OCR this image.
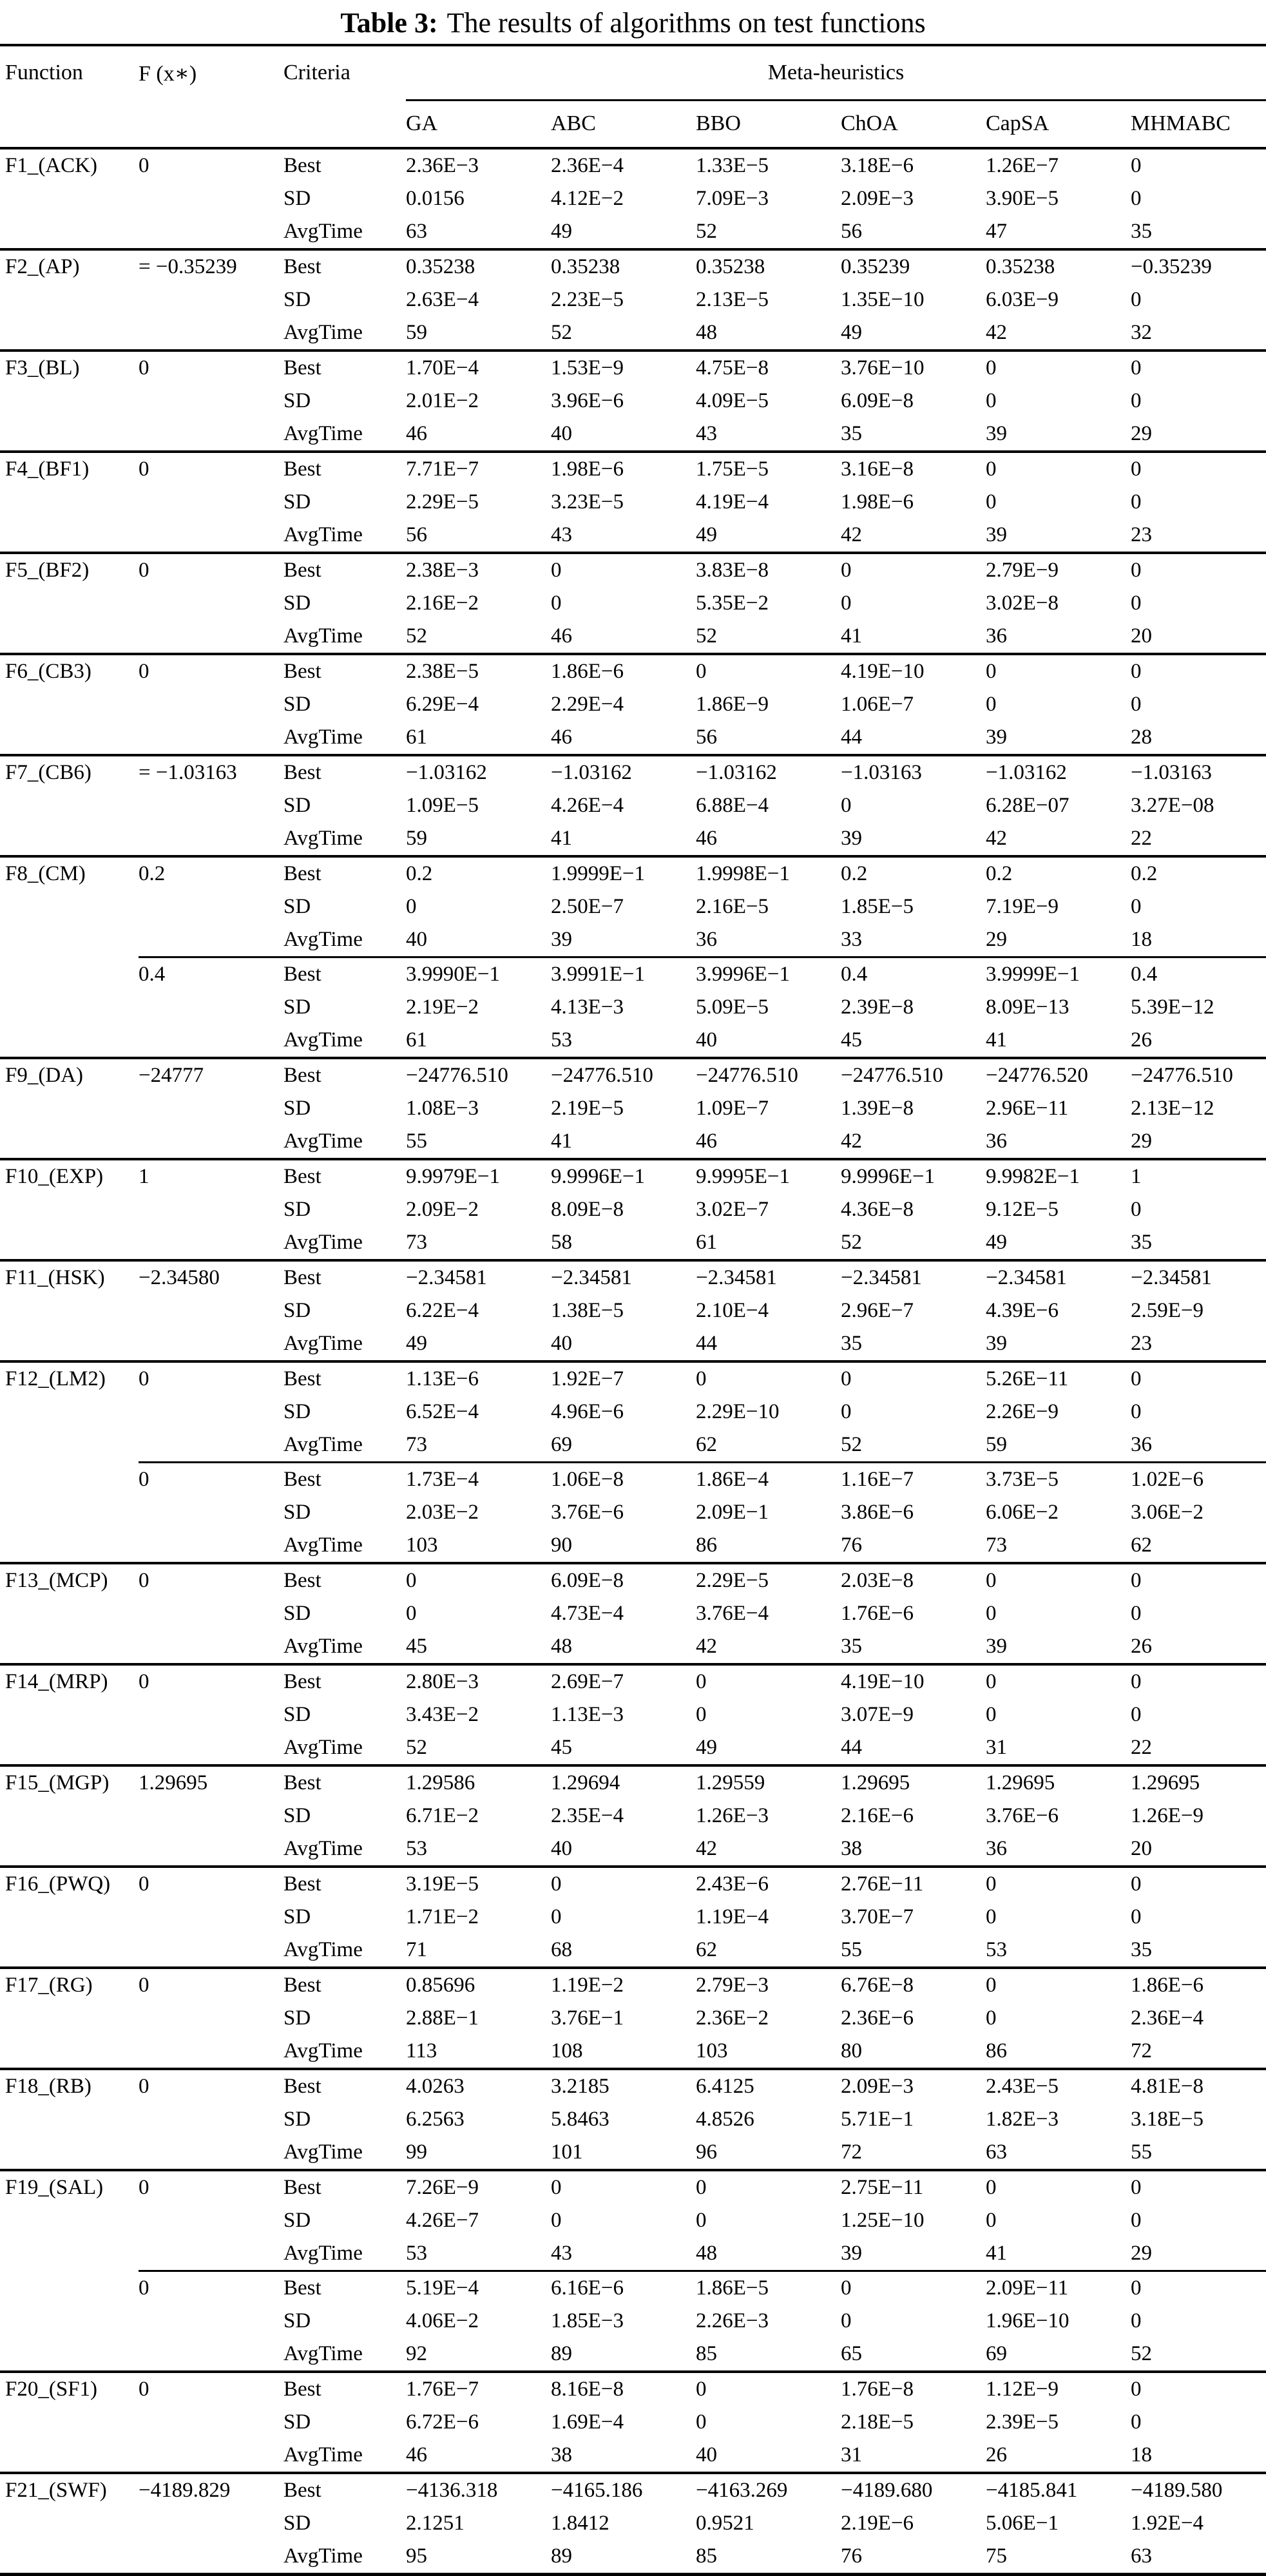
Table 3: The results of algorithms on test functions
Function	F (x∗)	Criteria	Meta-heuristics					
			GA	ABC	BBO	ChOA	CapSA	MHMABC
F1_(ACK)	0	Best	2.36E−3	2.36E−4	1.33E−5	3.18E−6	1.26E−7	0
		SD	0.0156	4.12E−2	7.09E−3	2.09E−3	3.90E−5	0
		AvgTime	63	49	52	56	47	35
F2_(AP)	= −0.35239	Best	0.35238	0.35238	0.35238	0.35239	0.35238	−0.35239
		SD	2.63E−4	2.23E−5	2.13E−5	1.35E−10	6.03E−9	0
		AvgTime	59	52	48	49	42	32
F3_(BL)	0	Best	1.70E−4	1.53E−9	4.75E−8	3.76E−10	0	0
		SD	2.01E−2	3.96E−6	4.09E−5	6.09E−8	0	0
		AvgTime	46	40	43	35	39	29
F4_(BF1)	0	Best	7.71E−7	1.98E−6	1.75E−5	3.16E−8	0	0
		SD	2.29E−5	3.23E−5	4.19E−4	1.98E−6	0	0
		AvgTime	56	43	49	42	39	23
F5_(BF2)	0	Best	2.38E−3	0	3.83E−8	0	2.79E−9	0
		SD	2.16E−2	0	5.35E−2	0	3.02E−8	0
		AvgTime	52	46	52	41	36	20
F6_(CB3)	0	Best	2.38E−5	1.86E−6	0	4.19E−10	0	0
		SD	6.29E−4	2.29E−4	1.86E−9	1.06E−7	0	0
		AvgTime	61	46	56	44	39	28
F7_(CB6)	= −1.03163	Best	−1.03162	−1.03162	−1.03162	−1.03163	−1.03162	−1.03163
		SD	1.09E−5	4.26E−4	6.88E−4	0	6.28E−07	3.27E−08
		AvgTime	59	41	46	39	42	22
F8_(CM)	0.2	Best	0.2	1.9999E−1	1.9998E−1	0.2	0.2	0.2
		SD	0	2.50E−7	2.16E−5	1.85E−5	7.19E−9	0
		AvgTime	40	39	36	33	29	18
	0.4	Best	3.9990E−1	3.9991E−1	3.9996E−1	0.4	3.9999E−1	0.4
		SD	2.19E−2	4.13E−3	5.09E−5	2.39E−8	8.09E−13	5.39E−12
		AvgTime	61	53	40	45	41	26
F9_(DA)	−24777	Best	−24776.510	−24776.510	−24776.510	−24776.510	−24776.520	−24776.510
		SD	1.08E−3	2.19E−5	1.09E−7	1.39E−8	2.96E−11	2.13E−12
		AvgTime	55	41	46	42	36	29
F10_(EXP)	1	Best	9.9979E−1	9.9996E−1	9.9995E−1	9.9996E−1	9.9982E−1	1
		SD	2.09E−2	8.09E−8	3.02E−7	4.36E−8	9.12E−5	0
		AvgTime	73	58	61	52	49	35
F11_(HSK)	−2.34580	Best	−2.34581	−2.34581	−2.34581	−2.34581	−2.34581	−2.34581
		SD	6.22E−4	1.38E−5	2.10E−4	2.96E−7	4.39E−6	2.59E−9
		AvgTime	49	40	44	35	39	23
F12_(LM2)	0	Best	1.13E−6	1.92E−7	0	0	5.26E−11	0
		SD	6.52E−4	4.96E−6	2.29E−10	0	2.26E−9	0
		AvgTime	73	69	62	52	59	36
	0	Best	1.73E−4	1.06E−8	1.86E−4	1.16E−7	3.73E−5	1.02E−6
		SD	2.03E−2	3.76E−6	2.09E−1	3.86E−6	6.06E−2	3.06E−2
		AvgTime	103	90	86	76	73	62
F13_(MCP)	0	Best	0	6.09E−8	2.29E−5	2.03E−8	0	0
		SD	0	4.73E−4	3.76E−4	1.76E−6	0	0
		AvgTime	45	48	42	35	39	26
F14_(MRP)	0	Best	2.80E−3	2.69E−7	0	4.19E−10	0	0
		SD	3.43E−2	1.13E−3	0	3.07E−9	0	0
		AvgTime	52	45	49	44	31	22
F15_(MGP)	1.29695	Best	1.29586	1.29694	1.29559	1.29695	1.29695	1.29695
		SD	6.71E−2	2.35E−4	1.26E−3	2.16E−6	3.76E−6	1.26E−9
		AvgTime	53	40	42	38	36	20
F16_(PWQ)	0	Best	3.19E−5	0	2.43E−6	2.76E−11	0	0
		SD	1.71E−2	0	1.19E−4	3.70E−7	0	0
		AvgTime	71	68	62	55	53	35
F17_(RG)	0	Best	0.85696	1.19E−2	2.79E−3	6.76E−8	0	1.86E−6
		SD	2.88E−1	3.76E−1	2.36E−2	2.36E−6	0	2.36E−4
		AvgTime	113	108	103	80	86	72
F18_(RB)	0	Best	4.0263	3.2185	6.4125	2.09E−3	2.43E−5	4.81E−8
		SD	6.2563	5.8463	4.8526	5.71E−1	1.82E−3	3.18E−5
		AvgTime	99	101	96	72	63	55
F19_(SAL)	0	Best	7.26E−9	0	0	2.75E−11	0	0
		SD	4.26E−7	0	0	1.25E−10	0	0
		AvgTime	53	43	48	39	41	29
	0	Best	5.19E−4	6.16E−6	1.86E−5	0	2.09E−11	0
		SD	4.06E−2	1.85E−3	2.26E−3	0	1.96E−10	0
		AvgTime	92	89	85	65	69	52
F20_(SF1)	0	Best	1.76E−7	8.16E−8	0	1.76E−8	1.12E−9	0
		SD	6.72E−6	1.69E−4	0	2.18E−5	2.39E−5	0
		AvgTime	46	38	40	31	26	18
F21_(SWF)	−4189.829	Best	−4136.318	−4165.186	−4163.269	−4189.680	−4185.841	−4189.580
		SD	2.1251	1.8412	0.9521	2.19E−6	5.06E−1	1.92E−4
		AvgTime	95	89	85	76	75	63
